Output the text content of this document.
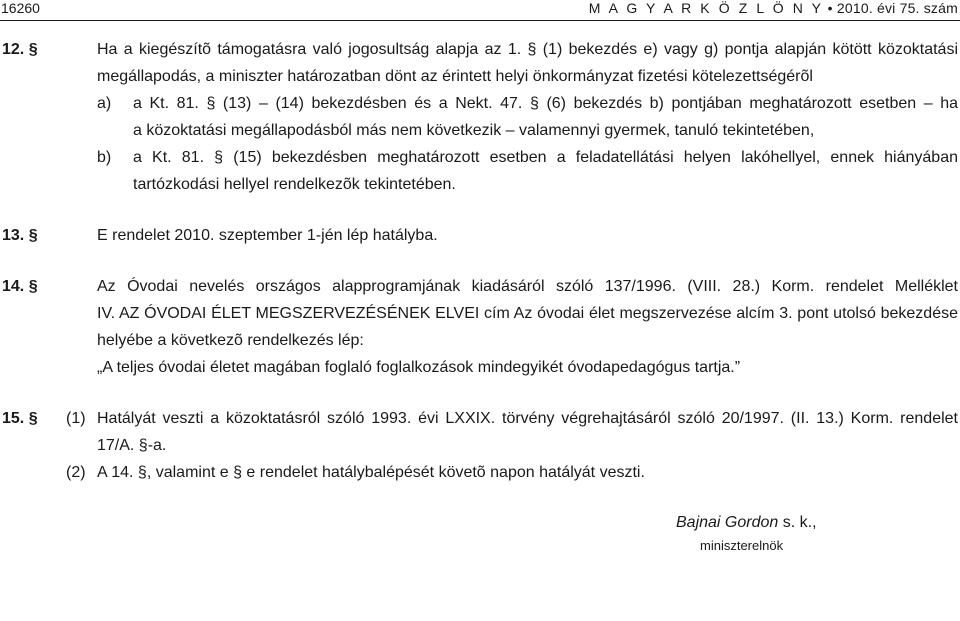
16260	M A G Y A R K Ö Z L Ö N Y • 2010. évi 75. szám
12. §	Ha a kiegészítõ támogatásra való jogosultság alapja az 1. § (1) bekezdés e) vagy g) pontja alapján kötött közoktatási
megállapodás, a miniszter határozatban dönt az érintett helyi önkormányzat fizetési kötelezettségérõl
a) a Kt. 81. § (13) – (14) bekezdésben és a Nekt. 47. § (6) bekezdés b) pontjában meghatározott esetben – ha
a közoktatási megállapodásból más nem következik – valamennyi gyermek, tanuló tekintetében,
b) a Kt. 81. § (15) bekezdésben meghatározott esetben a feladatellátási helyen lakóhellyel, ennek hiányában
tartózkodási hellyel rendelkezõk tekintetében.
13. §	E rendelet 2010. szeptember 1-jén lép hatályba.
14. §	Az Óvodai nevelés országos alapprogramjának kiadásáról szóló 137/1996. (VIII. 28.) Korm. rendelet Melléklet
IV. AZ ÓVODAI ÉLET MEGSZERVEZÉSÉNEK ELVEI cím Az óvodai élet megszervezése alcím 3. pont utolsó bekezdése
helyébe a következõ rendelkezés lép:
„A teljes óvodai életet magában foglaló foglalkozások mindegyikét óvodapedagógus tartja.”
15. § (1) Hatályát veszti a közoktatásról szóló 1993. évi LXXIX. törvény végrehajtásáról szóló 20/1997. (II. 13.) Korm. rendelet
17/A. §-a.
(2) A 14. §, valamint e § e rendelet hatálybalépését követõ napon hatályát veszti.
Bajnai Gordon s. k.,
miniszterelnök
